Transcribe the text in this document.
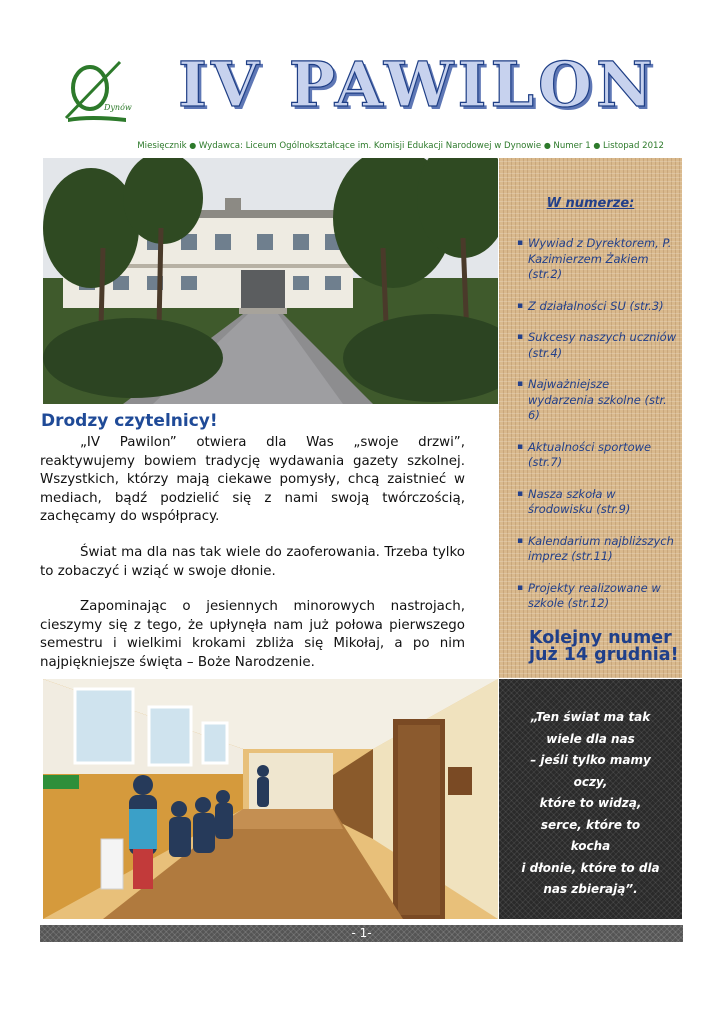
Dynów IV PAWILON
Miesięcznik ● Wydawca: Liceum Ogólnokształcące im. Komisji Edukacji Narodowej w Dynowie ● Numer 1 ● Listopad 2012
W numerze:
▪ Wywiad z Dyrektorem, P. Kazimierzem Żakiem (str.2)
▪ Z działalności SU (str.3)
▪ Sukcesy naszych uczniów (str.4)
▪ Najważniejsze wydarzenia szkolne (str. 6)
▪ Aktualności sportowe (str.7)
▪ Nasza szkoła w środowisku (str.9)
▪ Kalendarium najbliższych imprez (str.11)
▪ Projekty realizowane w szkole (str.12)
Kolejny numer już 14 grudnia!
Drodzy czytelnicy!

„IV Pawilon” otwiera dla Was „swoje drzwi”, reaktywujemy bowiem tradycję wydawania gazety szkolnej. Wszystkich, którzy mają ciekawe pomysły, chcą zaistnieć w mediach, bądź podzielić się z nami swoją twórczością, zachęcamy do współpracy.

Świat ma dla nas tak wiele do zaoferowania. Trzeba tylko to zobaczyć i wziąć w swoje dłonie.

Zapominając o jesiennych minorowych nastrojach, cieszymy się z tego, że upłynęła nam już połowa pierwszego semestru i wielkimi krokami zbliża się Mikołaj, a po nim najpiękniejsze święta – Boże Narodzenie.

„Ten świat ma tak
wiele dla nas
– jeśli tylko mamy
oczy,
które to widzą,
serce, które to
kocha
i dłonie, które to dla
nas zbierają”.
- 1-
